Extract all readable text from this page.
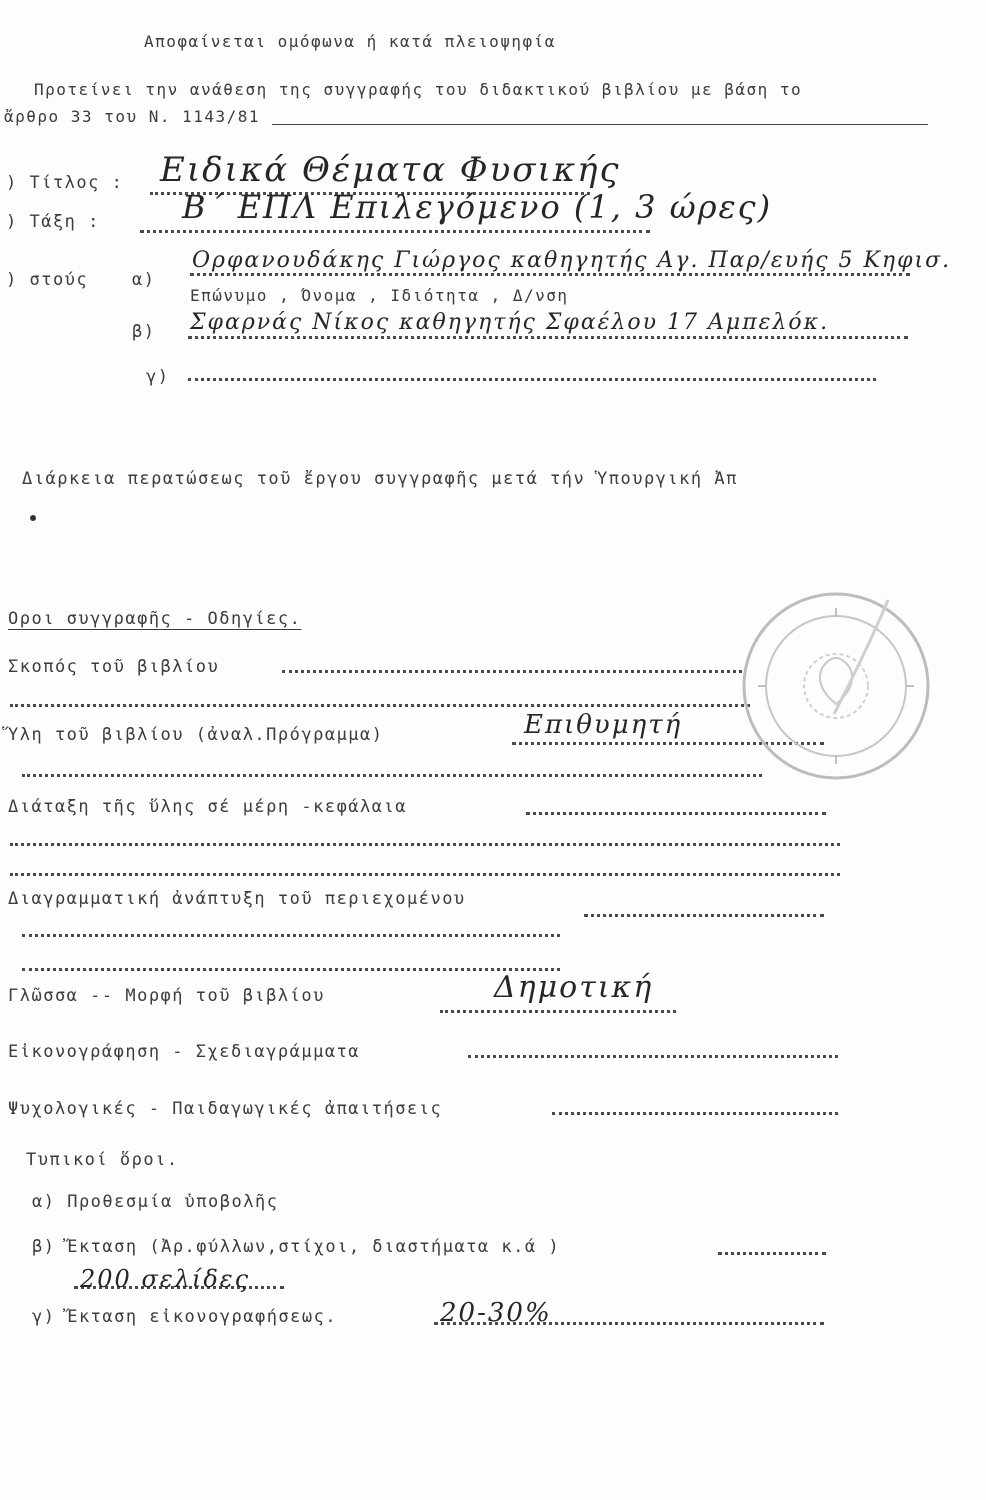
Αποφαίνεται ομόφωνα ή κατά πλειοψηφία
Προτείνει την ανάθεση της συγγραφής του διδακτικού βιβλίου με βάση το
ἄρθρο 33 του Ν. 1143/81
) Τίτλος : Ειδικά Θέματα Φυσικής
) Τάξη :	Β΄ ΕΠΛ Επιλεγόμενο (1, 3 ώρες)
) στούς	α)
Ορφανουδάκης Γιώργος καθηγητής Αγ. Παρ/ευής 5 Κηφισ.
Επώνυμο , Όνομα , Ιδιότητα , Δ/νση
β) Σφαρνάς Νίκος καθηγητής Σφαέλου 17 Αμπελόκ.
γ)
Διάρκεια περατώσεως τοῦ ἔργου συγγραφῆς μετά τήν Ὑπουργική Ἀπ
Οροι συγγραφῆς - Οδηγίες.
Σκοπός τοῦ βιβλίου
Ὕλη τοῦ βιβλίου (ἀναλ.Πρόγραμμα)	Επιθυμητή
Διάταξη τῆς ὕλης σέ μέρη -κεφάλαια
Διαγραμματική ἀνάπτυξη τοῦ περιεχομένου
Γλῶσσα -- Μορφή τοῦ βιβλίου	Δημοτική
Εἰκονογράφηση - Σχεδιαγράμματα
Ψυχολογικές - Παιδαγωγικές ἀπαιτήσεις
Τυπικοί ὅροι.
α) Προθεσμία ὑποβολῆς
β) Ἔκταση (Ἀρ.φύλλων,στίχοι, διαστήματα κ.ά )
200 σελίδες
γ) Ἔκταση εἰκονογραφήσεως.	20-30%
